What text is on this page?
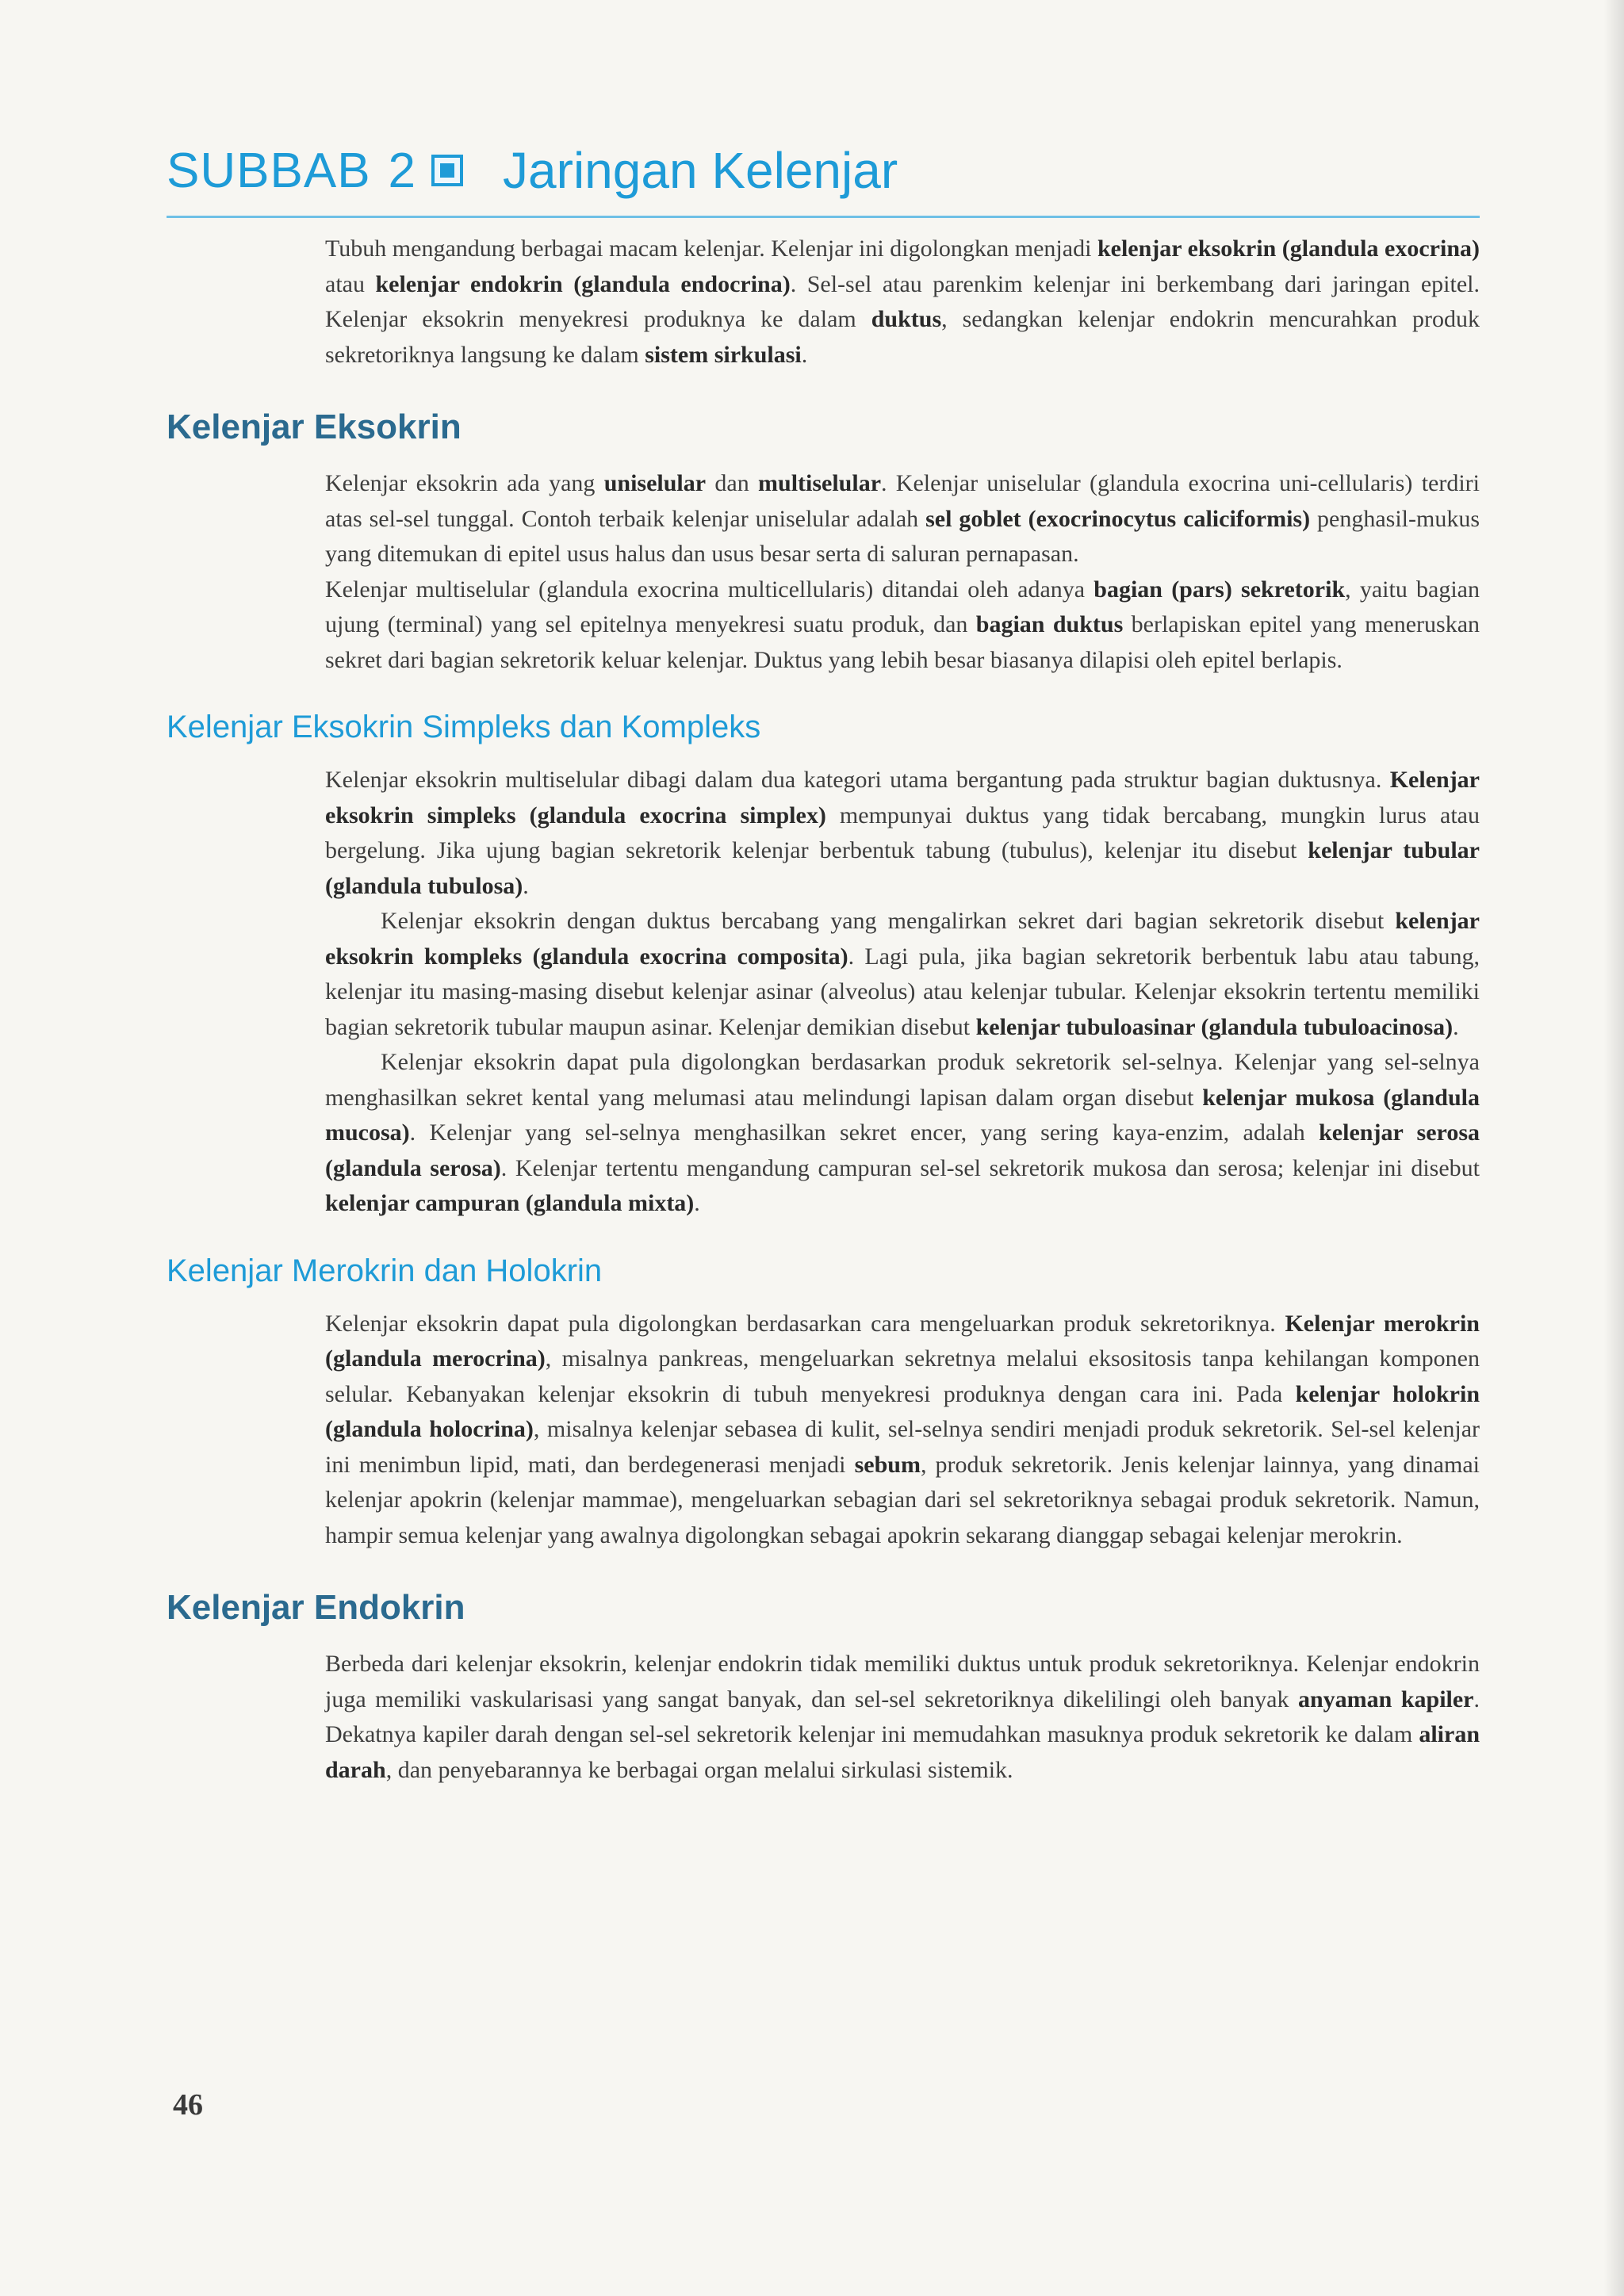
SUBBAB 2 Jaringan Kelenjar

Tubuh mengandung berbagai macam kelenjar. Kelenjar ini digolongkan menjadi kelenjar eksokrin (glandula exocrina) atau kelenjar endokrin (glandula endocrina). Sel-sel atau parenkim kelenjar ini berkembang dari jaringan epitel. Kelenjar eksokrin menyekresi produknya ke dalam duktus, sedangkan kelenjar endokrin mencurahkan produk sekretoriknya langsung ke dalam sistem sirkulasi.

Kelenjar Eksokrin

Kelenjar eksokrin ada yang uniselular dan multiselular. Kelenjar uniselular (glandula exocrina uni-cellularis) terdiri atas sel-sel tunggal. Contoh terbaik kelenjar uniselular adalah sel goblet (exocrinocytus caliciformis) penghasil-mukus yang ditemukan di epitel usus halus dan usus besar serta di saluran pernapasan.

Kelenjar multiselular (glandula exocrina multicellularis) ditandai oleh adanya bagian (pars) sekretorik, yaitu bagian ujung (terminal) yang sel epitelnya menyekresi suatu produk, dan bagian duktus berlapiskan epitel yang meneruskan sekret dari bagian sekretorik keluar kelenjar. Duktus yang lebih besar biasanya dilapisi oleh epitel berlapis.

Kelenjar Eksokrin Simpleks dan Kompleks

Kelenjar eksokrin multiselular dibagi dalam dua kategori utama bergantung pada struktur bagian duktusnya. Kelenjar eksokrin simpleks (glandula exocrina simplex) mempunyai duktus yang tidak bercabang, mungkin lurus atau bergelung. Jika ujung bagian sekretorik kelenjar berbentuk tabung (tubulus), kelenjar itu disebut kelenjar tubular (glandula tubulosa).

Kelenjar eksokrin dengan duktus bercabang yang mengalirkan sekret dari bagian sekretorik disebut kelenjar eksokrin kompleks (glandula exocrina composita). Lagi pula, jika bagian sekretorik berbentuk labu atau tabung, kelenjar itu masing-masing disebut kelenjar asinar (alveolus) atau kelenjar tubular. Kelenjar eksokrin tertentu memiliki bagian sekretorik tubular maupun asinar. Kelenjar demikian disebut kelenjar tubuloasinar (glandula tubuloacinosa).

Kelenjar eksokrin dapat pula digolongkan berdasarkan produk sekretorik sel-selnya. Kelenjar yang sel-selnya menghasilkan sekret kental yang melumasi atau melindungi lapisan dalam organ disebut kelenjar mukosa (glandula mucosa). Kelenjar yang sel-selnya menghasilkan sekret encer, yang sering kaya-enzim, adalah kelenjar serosa (glandula serosa). Kelenjar tertentu mengandung campuran sel-sel sekretorik mukosa dan serosa; kelenjar ini disebut kelenjar campuran (glandula mixta).

Kelenjar Merokrin dan Holokrin

Kelenjar eksokrin dapat pula digolongkan berdasarkan cara mengeluarkan produk sekretoriknya. Kelenjar merokrin (glandula merocrina), misalnya pankreas, mengeluarkan sekretnya melalui eksositosis tanpa kehilangan komponen selular. Kebanyakan kelenjar eksokrin di tubuh menyekresi produknya dengan cara ini. Pada kelenjar holokrin (glandula holocrina), misalnya kelenjar sebasea di kulit, sel-selnya sendiri menjadi produk sekretorik. Sel-sel kelenjar ini menimbun lipid, mati, dan berdegenerasi menjadi sebum, produk sekretorik. Jenis kelenjar lainnya, yang dinamai kelenjar apokrin (kelenjar mammae), mengeluarkan sebagian dari sel sekretoriknya sebagai produk sekretorik. Namun, hampir semua kelenjar yang awalnya digolongkan sebagai apokrin sekarang dianggap sebagai kelenjar merokrin.

Kelenjar Endokrin

Berbeda dari kelenjar eksokrin, kelenjar endokrin tidak memiliki duktus untuk produk sekretoriknya. Kelenjar endokrin juga memiliki vaskularisasi yang sangat banyak, dan sel-sel sekretoriknya dikelilingi oleh banyak anyaman kapiler. Dekatnya kapiler darah dengan sel-sel sekretorik kelenjar ini memudahkan masuknya produk sekretorik ke dalam aliran darah, dan penyebarannya ke berbagai organ melalui sirkulasi sistemik.

46
